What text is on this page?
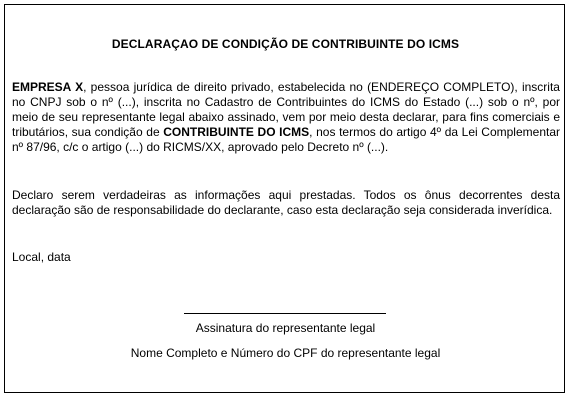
DECLARAÇAO DE CONDIÇÃO DE CONTRIBUINTE DO ICMS

EMPRESA X, pessoa jurídica de direito privado, estabelecida no (ENDEREÇO COMPLETO), inscrita no CNPJ sob o nº (...), inscrita no Cadastro de Contribuintes do ICMS do Estado (...) sob o nº, por meio de seu representante legal abaixo assinado, vem por meio desta declarar, para fins comerciais e tributários, sua condição de CONTRIBUINTE DO ICMS, nos termos do artigo 4º da Lei Complementar nº 87/96, c/c o artigo (...) do RICMS/XX, aprovado pelo Decreto nº (...).

Declaro serem verdadeiras as informações aqui prestadas. Todos os ônus decorrentes desta declaração são de responsabilidade do declarante, caso esta declaração seja considerada inverídica.

Local, data
Assinatura do representante legal
Nome Completo e Número do CPF do representante legal
